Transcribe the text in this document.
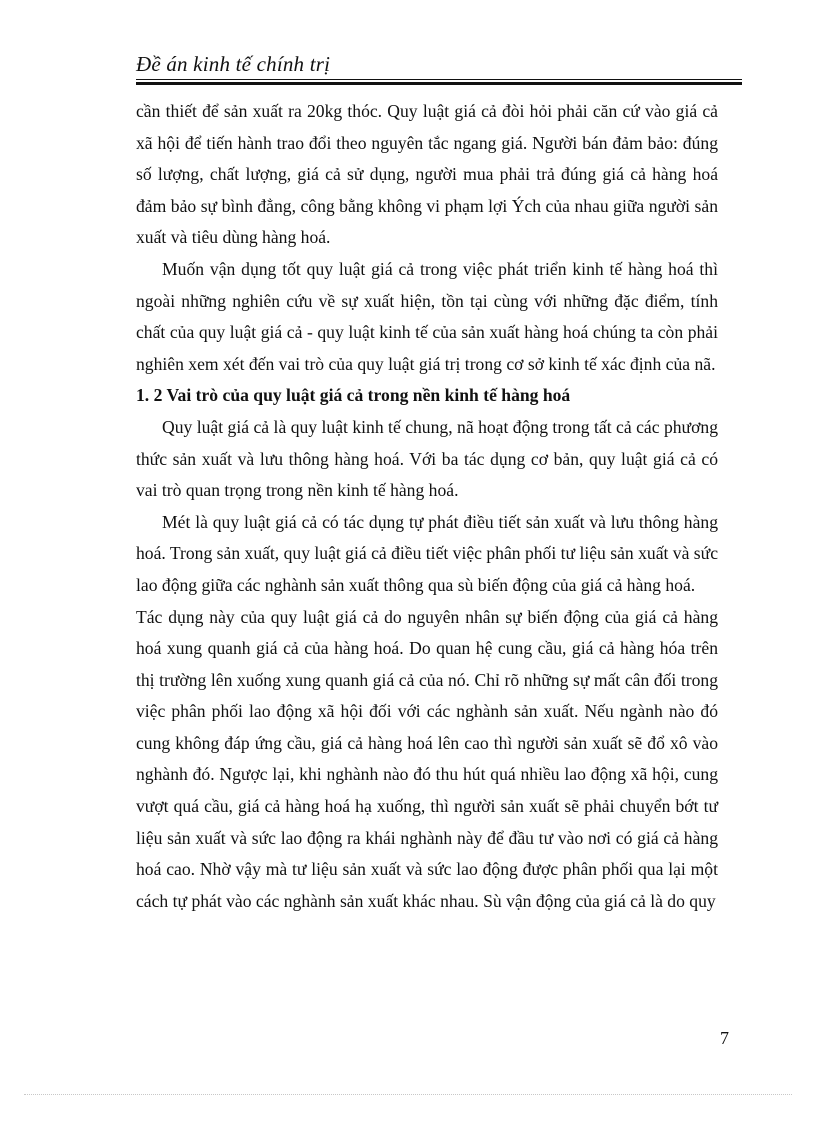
Đề án kinh tế chính trị

cần thiết để sản xuất ra 20kg thóc. Quy luật giá cả đòi hỏi phải căn cứ vào giá cả xã hội để tiến hành trao đổi theo nguyên tắc ngang giá. Người bán đảm bảo: đúng số lượng, chất lượng, giá cả sử dụng, người mua phải trả đúng giá cả hàng hoá đảm bảo sự bình đẳng, công bằng không vi phạm lợi Ých của nhau giữa người sản xuất và tiêu dùng hàng hoá.

Muốn vận dụng tốt quy luật giá cả trong việc phát triển kinh tế hàng hoá thì ngoài những nghiên cứu về sự xuất hiện, tồn tại cùng với những đặc điểm, tính chất của quy luật giá cả - quy luật kinh tế của sản xuất hàng hoá chúng ta còn phải nghiên xem xét đến vai trò của quy luật giá trị trong cơ sở kinh tế xác định của nã.

1. 2 Vai trò của quy luật giá cả trong nền kinh tế hàng hoá

Quy luật giá cả là quy luật kinh tế chung, nã hoạt động trong tất cả các phương thức sản xuất và lưu thông hàng hoá. Với ba tác dụng cơ bản, quy luật giá cả có vai trò quan trọng trong nền kinh tế hàng hoá.

Mét là quy luật giá cả có tác dụng tự phát điều tiết sản xuất và lưu thông hàng hoá. Trong sản xuất, quy luật giá cả điều tiết việc phân phối tư liệu sản xuất và sức lao động giữa các nghành sản xuất thông qua sù biến động của giá cả hàng hoá.

Tác dụng này của quy luật giá cả do nguyên nhân sự biến động của giá cả hàng hoá xung quanh giá cả của hàng hoá. Do quan hệ cung cầu, giá cả hàng hóa trên thị trường lên xuống xung quanh giá cả của nó. Chỉ rõ những sự mất cân đối trong việc phân phối lao động xã hội đối với các nghành sản xuất. Nếu ngành nào đó cung không đáp ứng cầu, giá cả hàng hoá lên cao thì người sản xuất sẽ đổ xô vào nghành đó. Ngược lại, khi nghành nào đó thu hút quá nhiều lao động xã hội, cung vượt quá cầu, giá cả hàng hoá hạ xuống, thì người sản xuất sẽ phải chuyển bớt tư liệu sản xuất và sức lao động ra khái nghành này để đầu tư vào nơi có giá cả hàng hoá cao. Nhờ vậy mà tư liệu sản xuất và sức lao động được phân phối qua lại một cách tự phát vào các nghành sản xuất khác nhau. Sù vận động của giá cả là do quy

7
